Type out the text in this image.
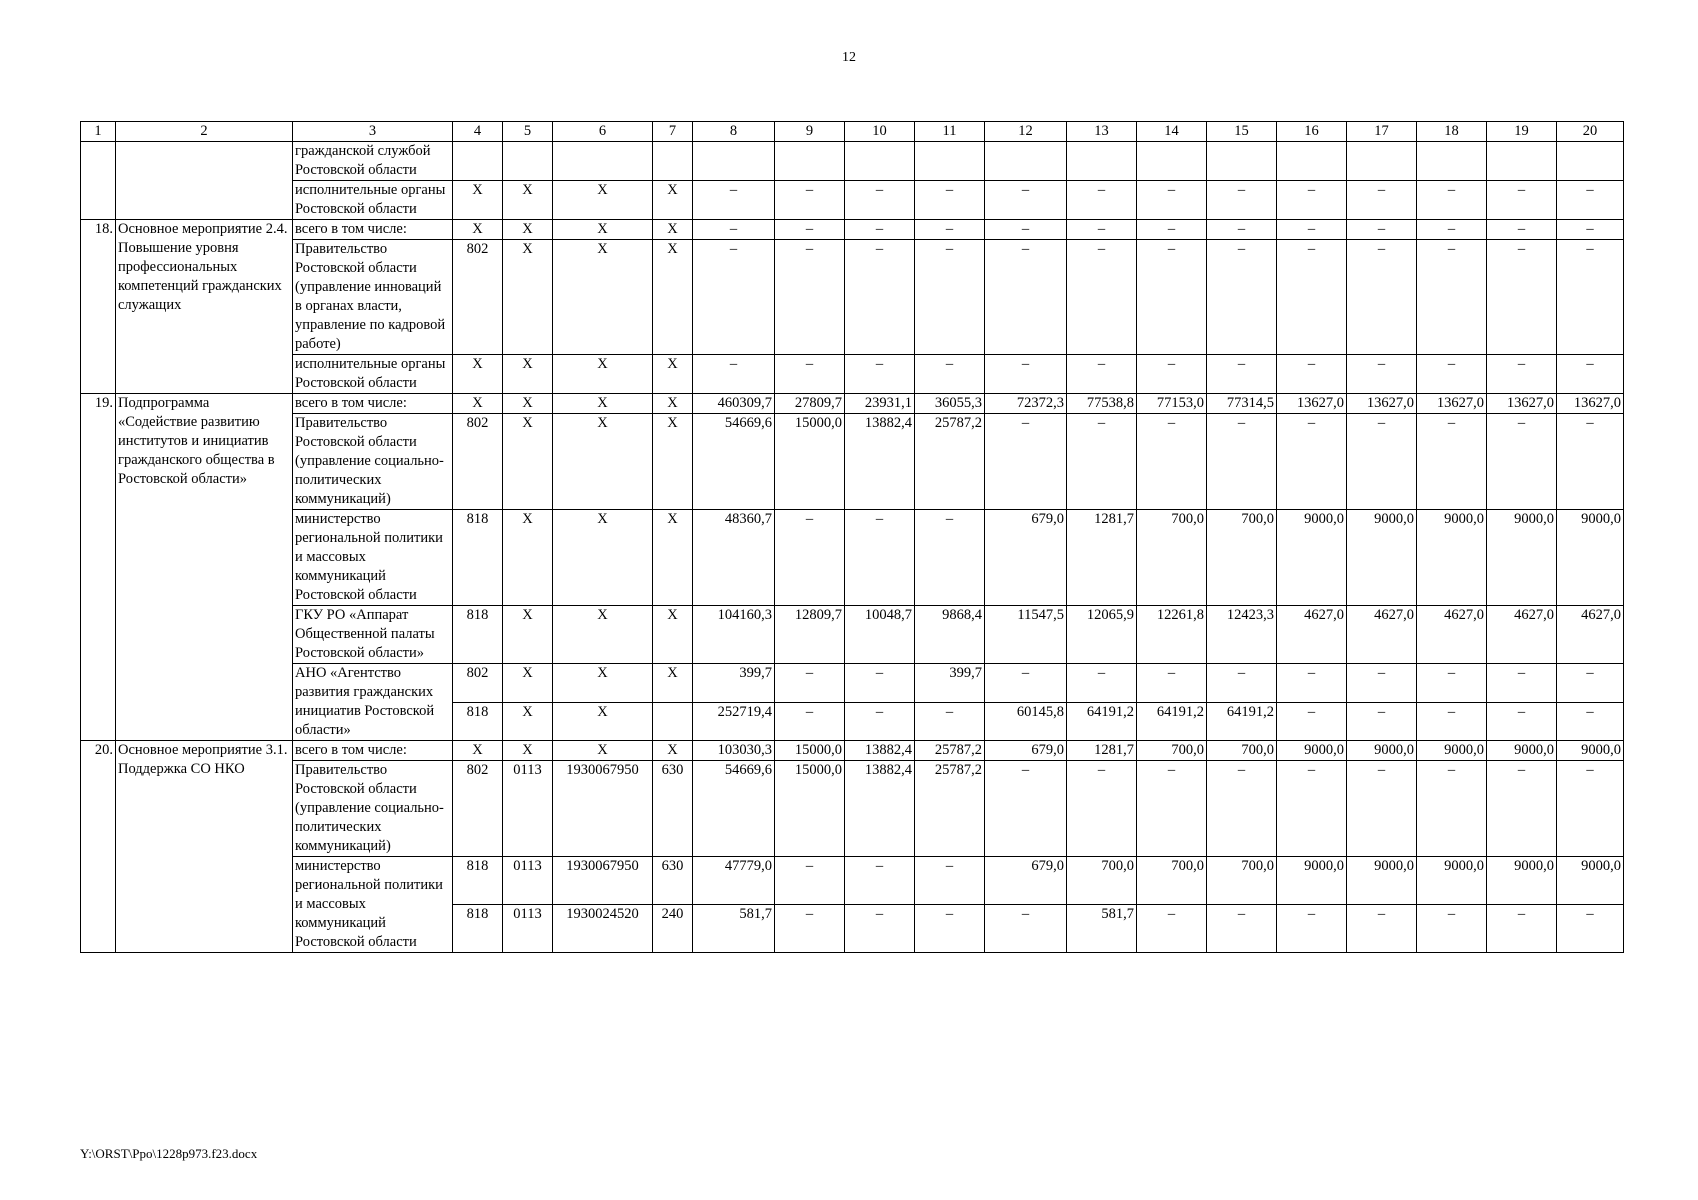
12
1	2	3	4	5	6	7	8	9	10	11	12	13	14	15	16	17	18	19	20
		гражданской службой Ростовской области																	
		исполнительные органы Ростовской области	X	X	X	X	–	–	–	–	–	–	–	–	–	–	–	–	–
18.	Основное мероприятие 2.4. Повышение уровня профессиональных компетенций гражданских служащих	всего в том числе:	X	X	X	X	–	–	–	–	–	–	–	–	–	–	–	–	–
		Правительство Ростовской области (управление инноваций в органах власти, управление по кадровой работе)	802	X	X	X	–	–	–	–	–	–	–	–	–	–	–	–	–
		исполнительные органы Ростовской области	X	X	X	X	–	–	–	–	–	–	–	–	–	–	–	–	–
19.	Подпрограмма «Содействие развитию институтов и инициатив гражданского общества в Ростовской области»	всего в том числе:	X	X	X	X	460309,7	27809,7	23931,1	36055,3	72372,3	77538,8	77153,0	77314,5	13627,0	13627,0	13627,0	13627,0	13627,0
		Правительство Ростовской области (управление социально-политических коммуникаций)	802	X	X	X	54669,6	15000,0	13882,4	25787,2	–	–	–	–	–	–	–	–	–
		министерство региональной политики и массовых коммуникаций Ростовской области	818	X	X	X	48360,7	–	–	–	679,0	1281,7	700,0	700,0	9000,0	9000,0	9000,0	9000,0	9000,0
		ГКУ РО «Аппарат Общественной палаты Ростовской области»	818	X	X	X	104160,3	12809,7	10048,7	9868,4	11547,5	12065,9	12261,8	12423,3	4627,0	4627,0	4627,0	4627,0	4627,0
		АНО «Агентство развития гражданских инициатив Ростовской области»	802	X	X	X	399,7	–	–	399,7	–	–	–	–	–	–	–	–	–
			818	X	X		252719,4	–	–	–	60145,8	64191,2	64191,2	64191,2	–	–	–	–	–
20.	Основное мероприятие 3.1. Поддержка СО НКО	всего в том числе:	X	X	X	X	103030,3	15000,0	13882,4	25787,2	679,0	1281,7	700,0	700,0	9000,0	9000,0	9000,0	9000,0	9000,0
		Правительство Ростовской области (управление социально-политических коммуникаций)	802	0113	1930067950	630	54669,6	15000,0	13882,4	25787,2	–	–	–	–	–	–	–	–	–
		министерство региональной политики и массовых коммуникаций Ростовской области	818	0113	1930067950	630	47779,0	–	–	–	679,0	700,0	700,0	700,0	9000,0	9000,0	9000,0	9000,0	9000,0
			818	0113	1930024520	240	581,7	–	–	–	–	581,7	–	–	–	–	–	–	–
Y:\ORST\Ppo\1228p973.f23.docx
